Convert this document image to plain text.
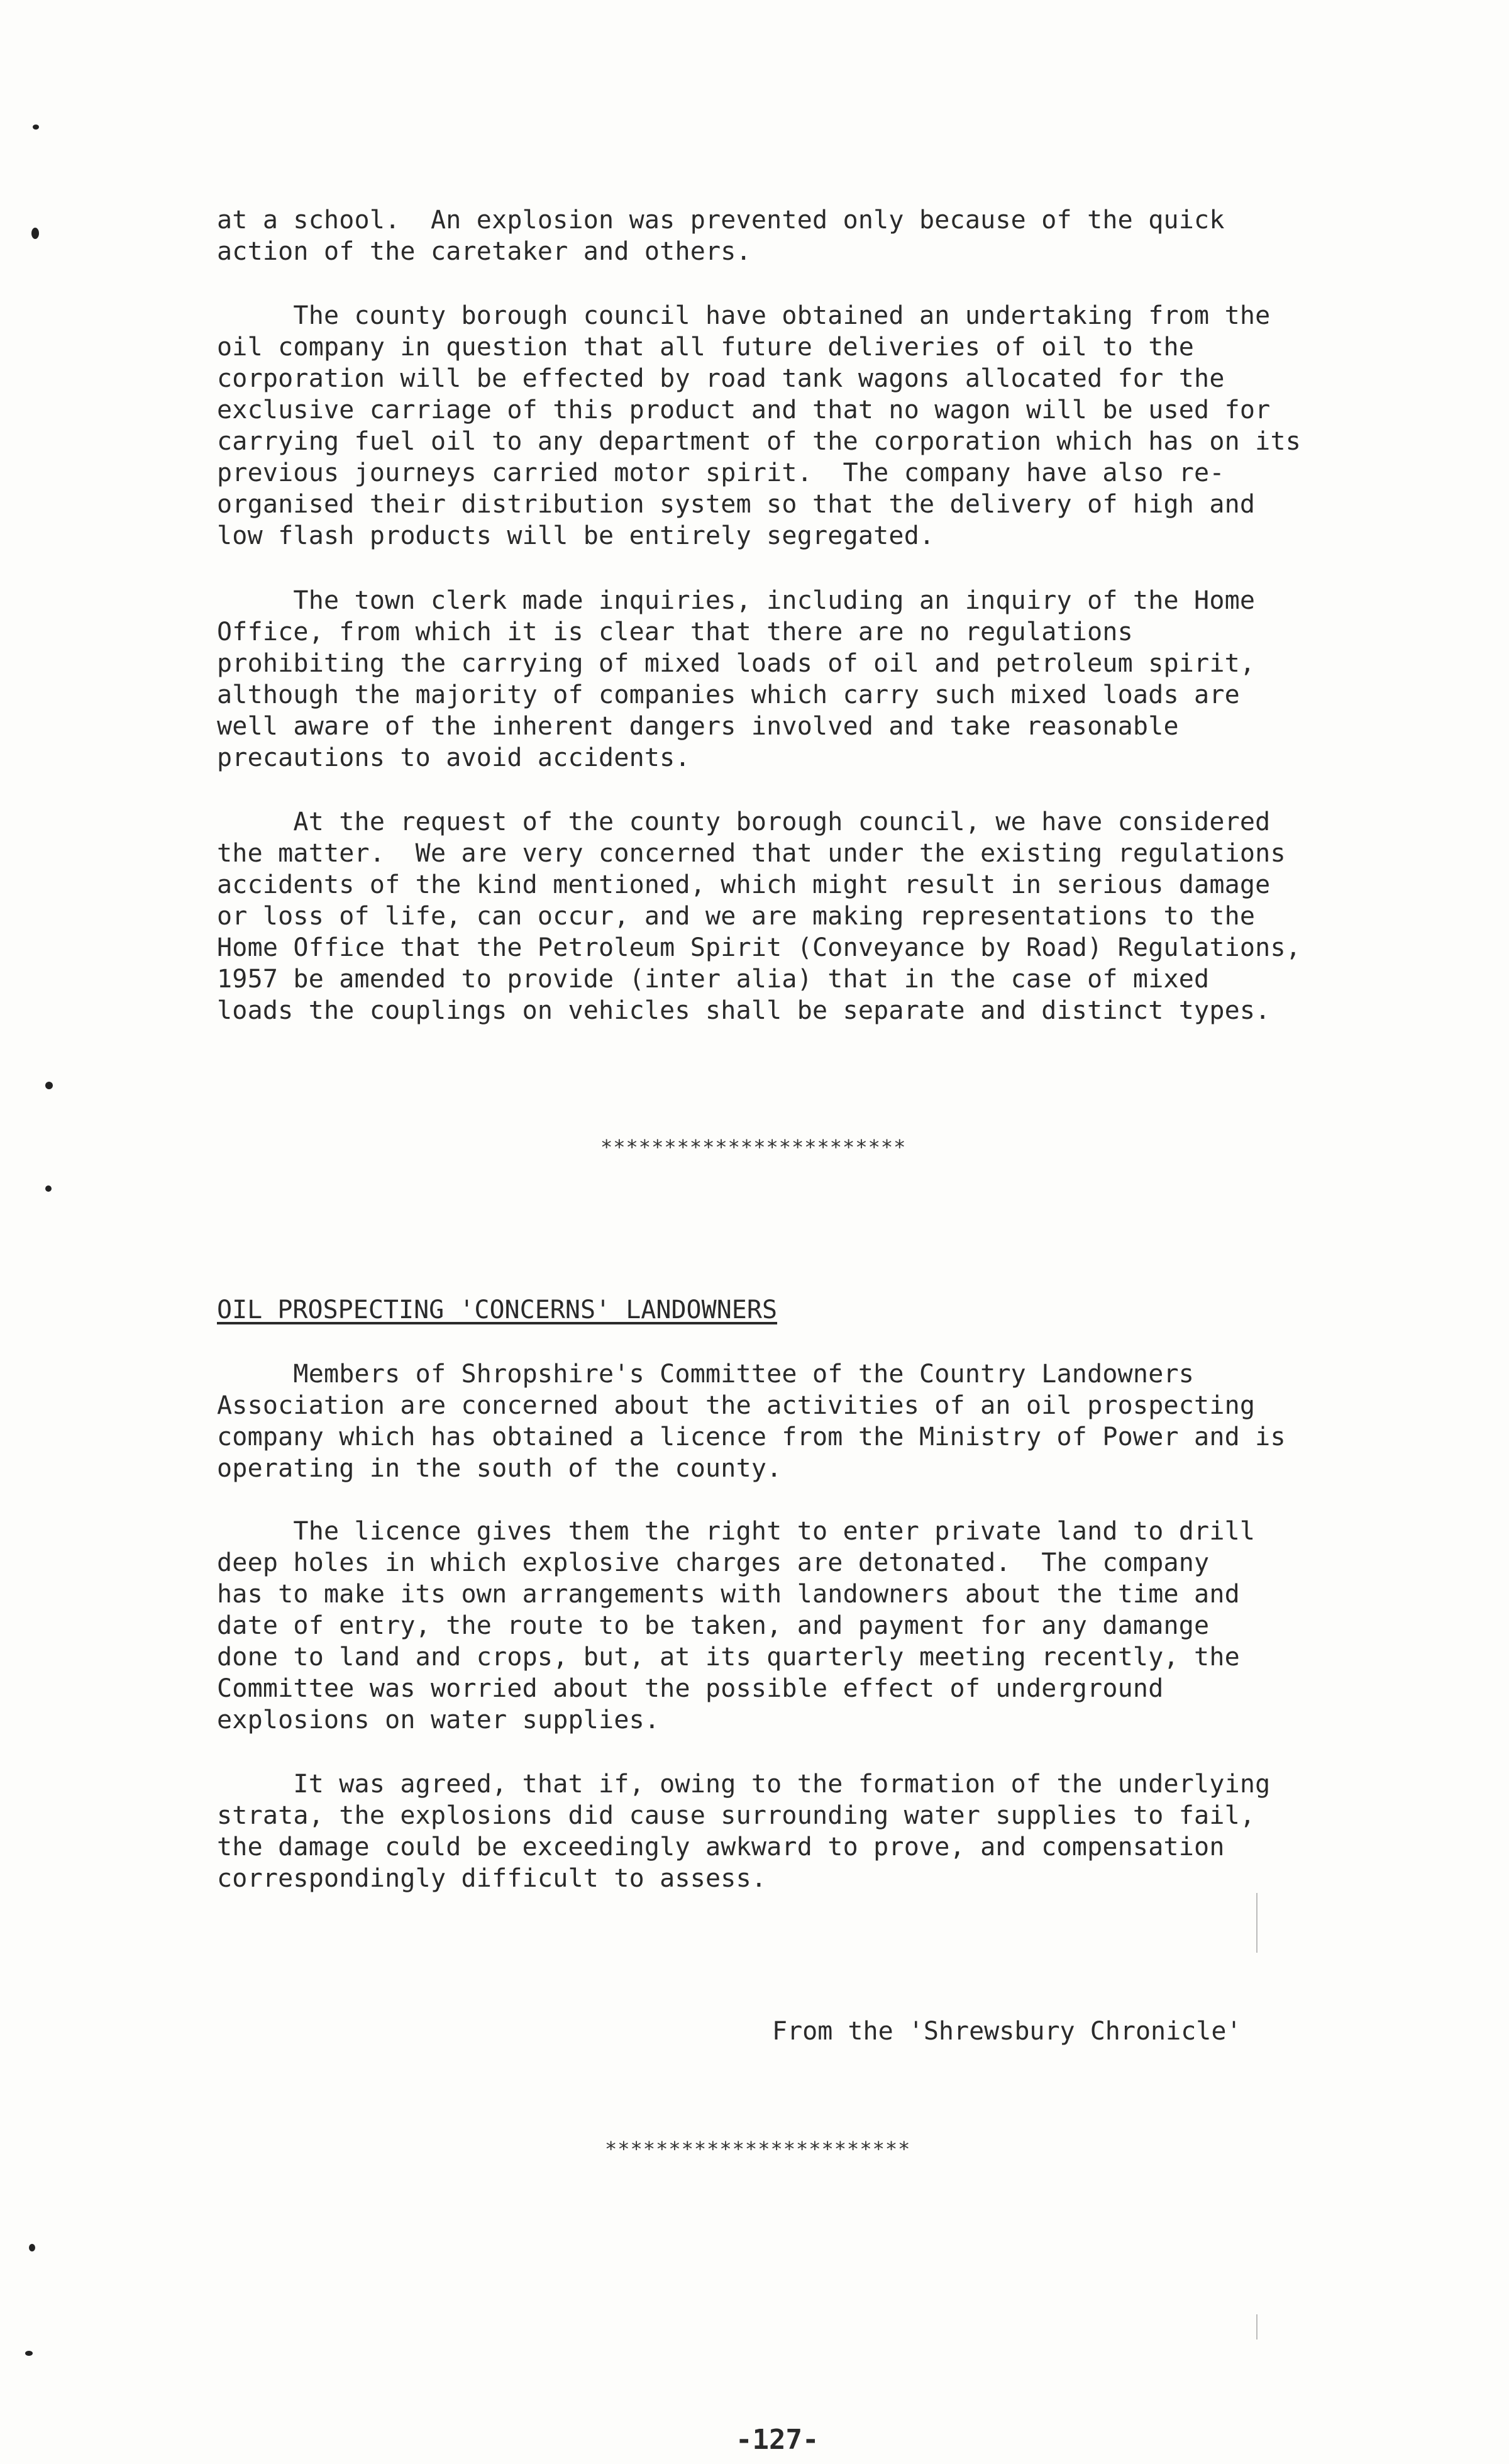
at a school.  An explosion was prevented only because of the quick
action of the caretaker and others.
The county borough council have obtained an undertaking from the
oil company in question that all future deliveries of oil to the
corporation will be effected by road tank wagons allocated for the
exclusive carriage of this product and that no wagon will be used for
carrying fuel oil to any department of the corporation which has on its
previous journeys carried motor spirit.  The company have also re-
organised their distribution system so that the delivery of high and
low flash products will be entirely segregated.
The town clerk made inquiries, including an inquiry of the Home
Office, from which it is clear that there are no regulations
prohibiting the carrying of mixed loads of oil and petroleum spirit,
although the majority of companies which carry such mixed loads are
well aware of the inherent dangers involved and take reasonable
precautions to avoid accidents.
At the request of the county borough council, we have considered
the matter.  We are very concerned that under the existing regulations
accidents of the kind mentioned, which might result in serious damage
or loss of life, can occur, and we are making representations to the
Home Office that the Petroleum Spirit (Conveyance by Road) Regulations,
1957 be amended to provide (inter alia) that in the case of mixed
loads the couplings on vehicles shall be separate and distinct types.
************************
OIL PROSPECTING 'CONCERNS' LANDOWNERS
Members of Shropshire's Committee of the Country Landowners
Association are concerned about the activities of an oil prospecting
company which has obtained a licence from the Ministry of Power and is
operating in the south of the county.
The licence gives them the right to enter private land to drill
deep holes in which explosive charges are detonated.  The company
has to make its own arrangements with landowners about the time and
date of entry, the route to be taken, and payment for any damange
done to land and crops, but, at its quarterly meeting recently, the
Committee was worried about the possible effect of underground
explosions on water supplies.
It was agreed, that if, owing to the formation of the underlying
strata, the explosions did cause surrounding water supplies to fail,
the damage could be exceedingly awkward to prove, and compensation
correspondingly difficult to assess.
From the 'Shrewsbury Chronicle'
************************
-127-
